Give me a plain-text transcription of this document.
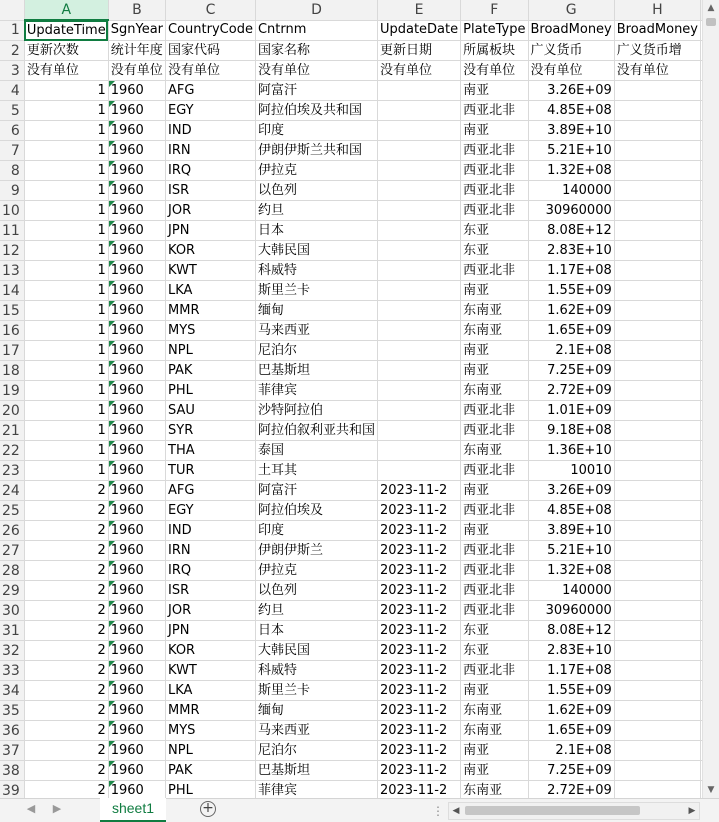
	A	B	C	D	E	F	G	H		
1	UpdateTime	SgnYear	CountryCode	Cntrnm	UpdateDate	PlateType	BroadMoney	BroadMoney		
2	更新次数	统计年度	国家代码	国家名称	更新日期	所属板块	广义货币	广义货币增		
3	没有单位	没有单位	没有单位	没有单位	没有单位	没有单位	没有单位	没有单位		
4	1	1960	AFG	阿富汗		南亚	3.26E+09			
5	1	1960	EGY	阿拉伯埃及共和国		西亚北非	4.85E+08			
6	1	1960	IND	印度		南亚	3.89E+10			
7	1	1960	IRN	伊朗伊斯兰共和国		西亚北非	5.21E+10			
8	1	1960	IRQ	伊拉克		西亚北非	1.32E+08			
9	1	1960	ISR	以色列		西亚北非	140000			
10	1	1960	JOR	约旦		西亚北非	30960000			
11	1	1960	JPN	日本		东亚	8.08E+12			
12	1	1960	KOR	大韩民国		东亚	2.83E+10			
13	1	1960	KWT	科威特		西亚北非	1.17E+08			
14	1	1960	LKA	斯里兰卡		南亚	1.55E+09			
15	1	1960	MMR	缅甸		东南亚	1.62E+09			
16	1	1960	MYS	马来西亚		东南亚	1.65E+09			
17	1	1960	NPL	尼泊尔		南亚	2.1E+08			
18	1	1960	PAK	巴基斯坦		南亚	7.25E+09			
19	1	1960	PHL	菲律宾		东南亚	2.72E+09			
20	1	1960	SAU	沙特阿拉伯		西亚北非	1.01E+09			
21	1	1960	SYR	阿拉伯叙利亚共和国		西亚北非	9.18E+08			
22	1	1960	THA	泰国		东南亚	1.36E+10			
23	1	1960	TUR	土耳其		西亚北非	10010			
24	2	1960	AFG	阿富汗	2023-11-2	南亚	3.26E+09			
25	2	1960	EGY	阿拉伯埃及	2023-11-2	西亚北非	4.85E+08			
26	2	1960	IND	印度	2023-11-2	南亚	3.89E+10			
27	2	1960	IRN	伊朗伊斯兰	2023-11-2	西亚北非	5.21E+10			
28	2	1960	IRQ	伊拉克	2023-11-2	西亚北非	1.32E+08			
29	2	1960	ISR	以色列	2023-11-2	西亚北非	140000			
30	2	1960	JOR	约旦	2023-11-2	西亚北非	30960000			
31	2	1960	JPN	日本	2023-11-2	东亚	8.08E+12			
32	2	1960	KOR	大韩民国	2023-11-2	东亚	2.83E+10			
33	2	1960	KWT	科威特	2023-11-2	西亚北非	1.17E+08			
34	2	1960	LKA	斯里兰卡	2023-11-2	南亚	1.55E+09			
35	2	1960	MMR	缅甸	2023-11-2	东南亚	1.62E+09			
36	2	1960	MYS	马来西亚	2023-11-2	东南亚	1.65E+09			
37	2	1960	NPL	尼泊尔	2023-11-2	南亚	2.1E+08			
38	2	1960	PAK	巴基斯坦	2023-11-2	南亚	7.25E+09			
39	2	1960	PHL	菲律宾	2023-11-2	东南亚	2.72E+09			

▲
▼
◀ ▶	sheet1	+	⋮ ◀	▶
